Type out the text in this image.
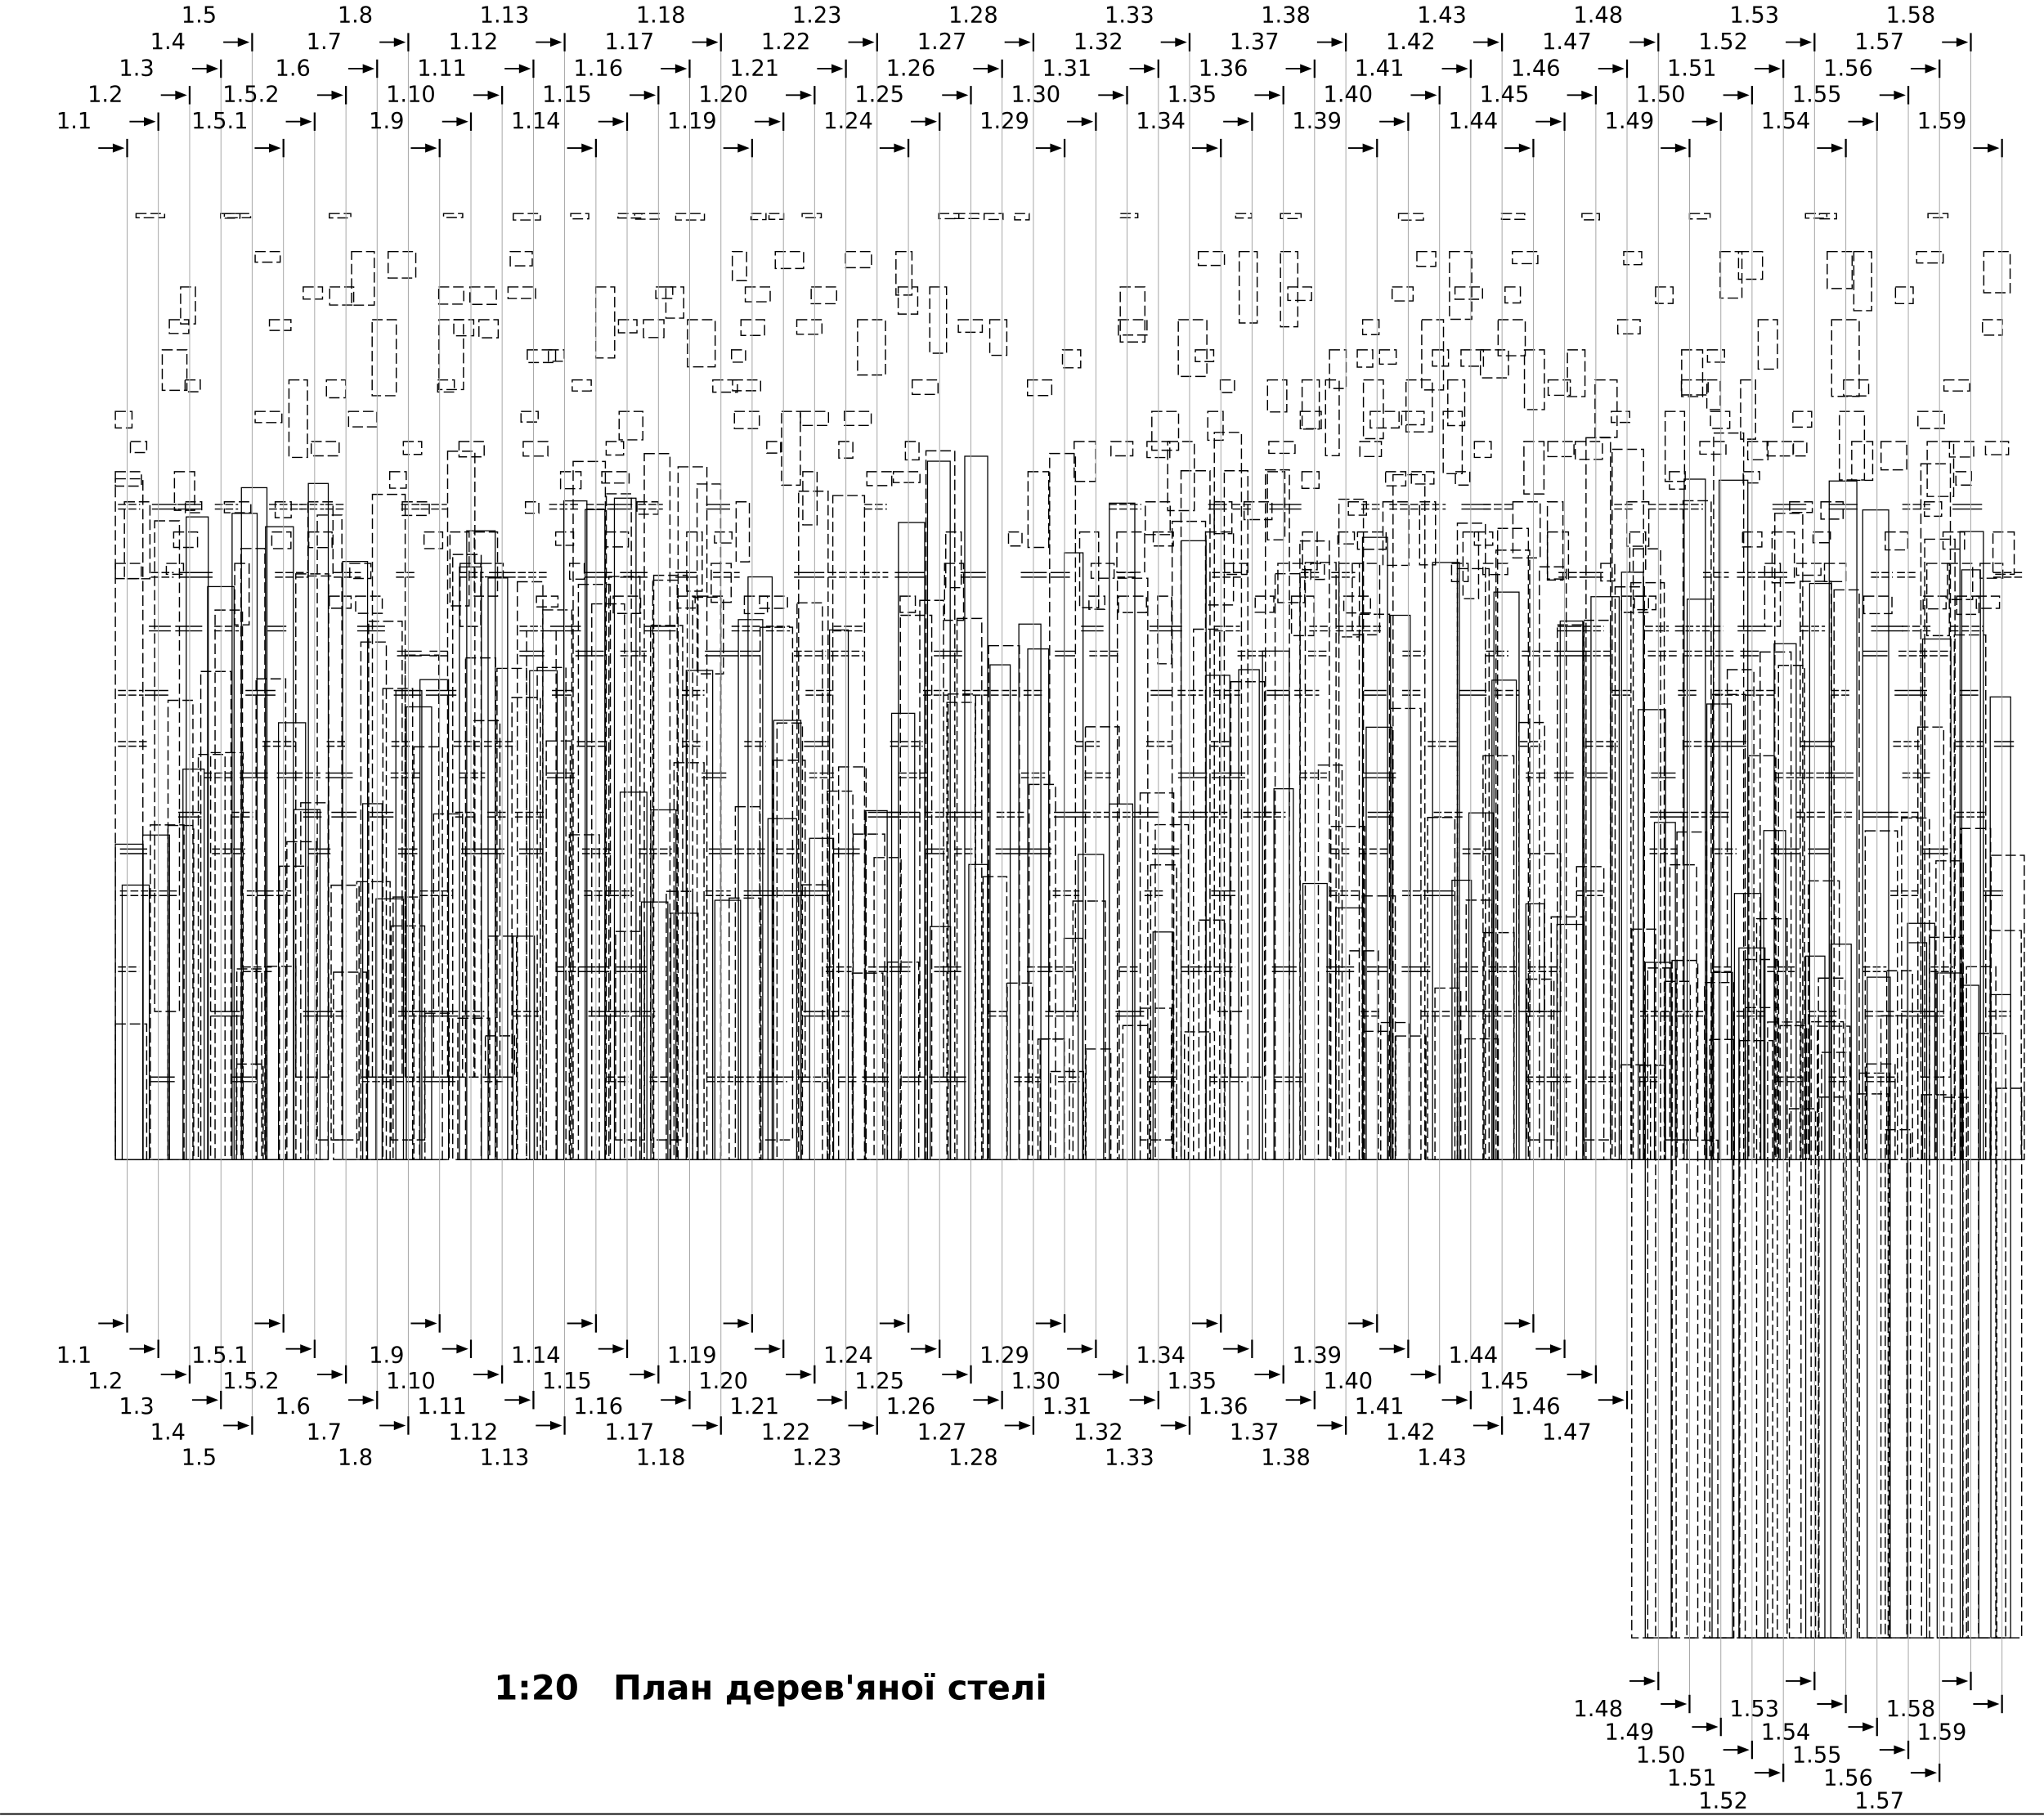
1.1
1.1
1.2
1.2
1.3
1.3
1.4
1.4
1.5
1.5
1.5.1
1.5.1
1.5.2
1.5.2
1.6
1.6
1.7
1.7
1.8
1.8
1.9
1.9
1.10
1.10
1.11
1.11
1.12
1.12
1.13
1.13
1.14
1.14
1.15
1.15
1.16
1.16
1.17
1.17
1.18
1.18
1.19
1.19
1.20
1.20
1.21
1.21
1.22
1.22
1.23
1.23
1.24
1.24
1.25
1.25
1.26
1.26
1.27
1.27
1.28
1.28
1.29
1.29
1.30
1.30
1.31
1.31
1.32
1.32
1.33
1.33
1.34
1.34
1.35
1.35
1.36
1.36
1.37
1.37
1.38
1.38
1.39
1.39
1.40
1.40
1.41
1.41
1.42
1.42
1.43
1.43
1.44
1.44
1.45
1.45
1.46
1.46
1.47
1.47
1.48
1.48
1.49
1.49
1.50
1.50
1.51
1.51
1.52
1.52
1.53
1.53
1.54
1.54
1.55
1.55
1.56
1.56
1.57
1.57
1.58
1.58
1.59
1.59
1:20 План дерев'яної стелі
